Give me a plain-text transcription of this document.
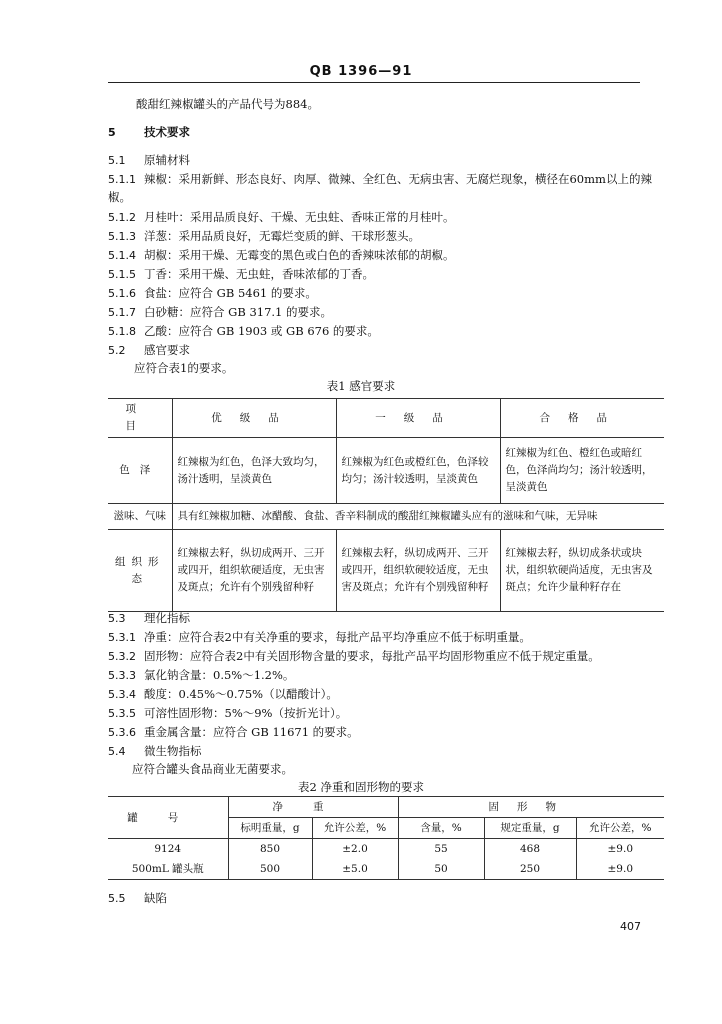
QB 1396—91
酸甜红辣椒罐头的产品代号为884。
5 技术要求
5.1 原辅材料
5.1.1 辣椒：采用新鲜、形态良好、肉厚、微辣、全红色、无病虫害、无腐烂现象，横径在60mm以上的辣
椒。
5.1.2 月桂叶：采用品质良好、干燥、无虫蛀、香味正常的月桂叶。
5.1.3 洋葱：采用品质良好，无霉烂变质的鲜、干球形葱头。
5.1.4 胡椒：采用干燥、无霉变的黑色或白色的香辣味浓郁的胡椒。
5.1.5 丁香：采用干燥、无虫蛀，香味浓郁的丁香。
5.1.6 食盐：应符合 GB 5461 的要求。
5.1.7 白砂糖：应符合 GB 317.1 的要求。
5.1.8 乙酸：应符合 GB 1903 或 GB 676 的要求。
5.2 感官要求
应符合表1的要求。
表1 感官要求
项目	优级品	一级品	合格品
色泽	红辣椒为红色，色泽大致均匀，汤汁透明，呈淡黄色	红辣椒为红色或橙红色，色泽较均匀；汤汁较透明，呈淡黄色	红辣椒为红色、橙红色或暗红色，色泽尚均匀；汤汁较透明，呈淡黄色
滋味、气味	具有红辣椒加糖、冰醋酸、食盐、香辛料制成的酸甜红辣椒罐头应有的滋味和气味，无异味		
组织形态	红辣椒去籽，纵切成两开、三开或四开，组织软硬适度，无虫害及斑点；允许有个别残留种籽	红辣椒去籽，纵切成两开、三开或四开，组织软硬较适度，无虫害及斑点；允许有个别残留种籽	红辣椒去籽，纵切成条状或块状，组织软硬尚适度，无虫害及斑点；允许少量种籽存在
5.3 理化指标
5.3.1 净重：应符合表2中有关净重的要求，每批产品平均净重应不低于标明重量。
5.3.2 固形物：应符合表2中有关固形物含量的要求，每批产品平均固形物重应不低于规定重量。
5.3.3 氯化钠含量：0.5%～1.2%。
5.3.4 酸度：0.45%～0.75%（以醋酸计）。
5.3.5 可溶性固形物：5%～9%（按折光计）。
5.3.6 重金属含量：应符合 GB 11671 的要求。
5.4 微生物指标
应符合罐头食品商业无菌要求。
表2 净重和固形物的要求
罐号	净重		固形物		
	标明重量，g	允许公差，%	含量，%	规定重量，g	允许公差，%
9124	850	±2.0	55	468	±9.0
500mL 罐头瓶	500	±5.0	50	250	±9.0
5.5 缺陷
407
